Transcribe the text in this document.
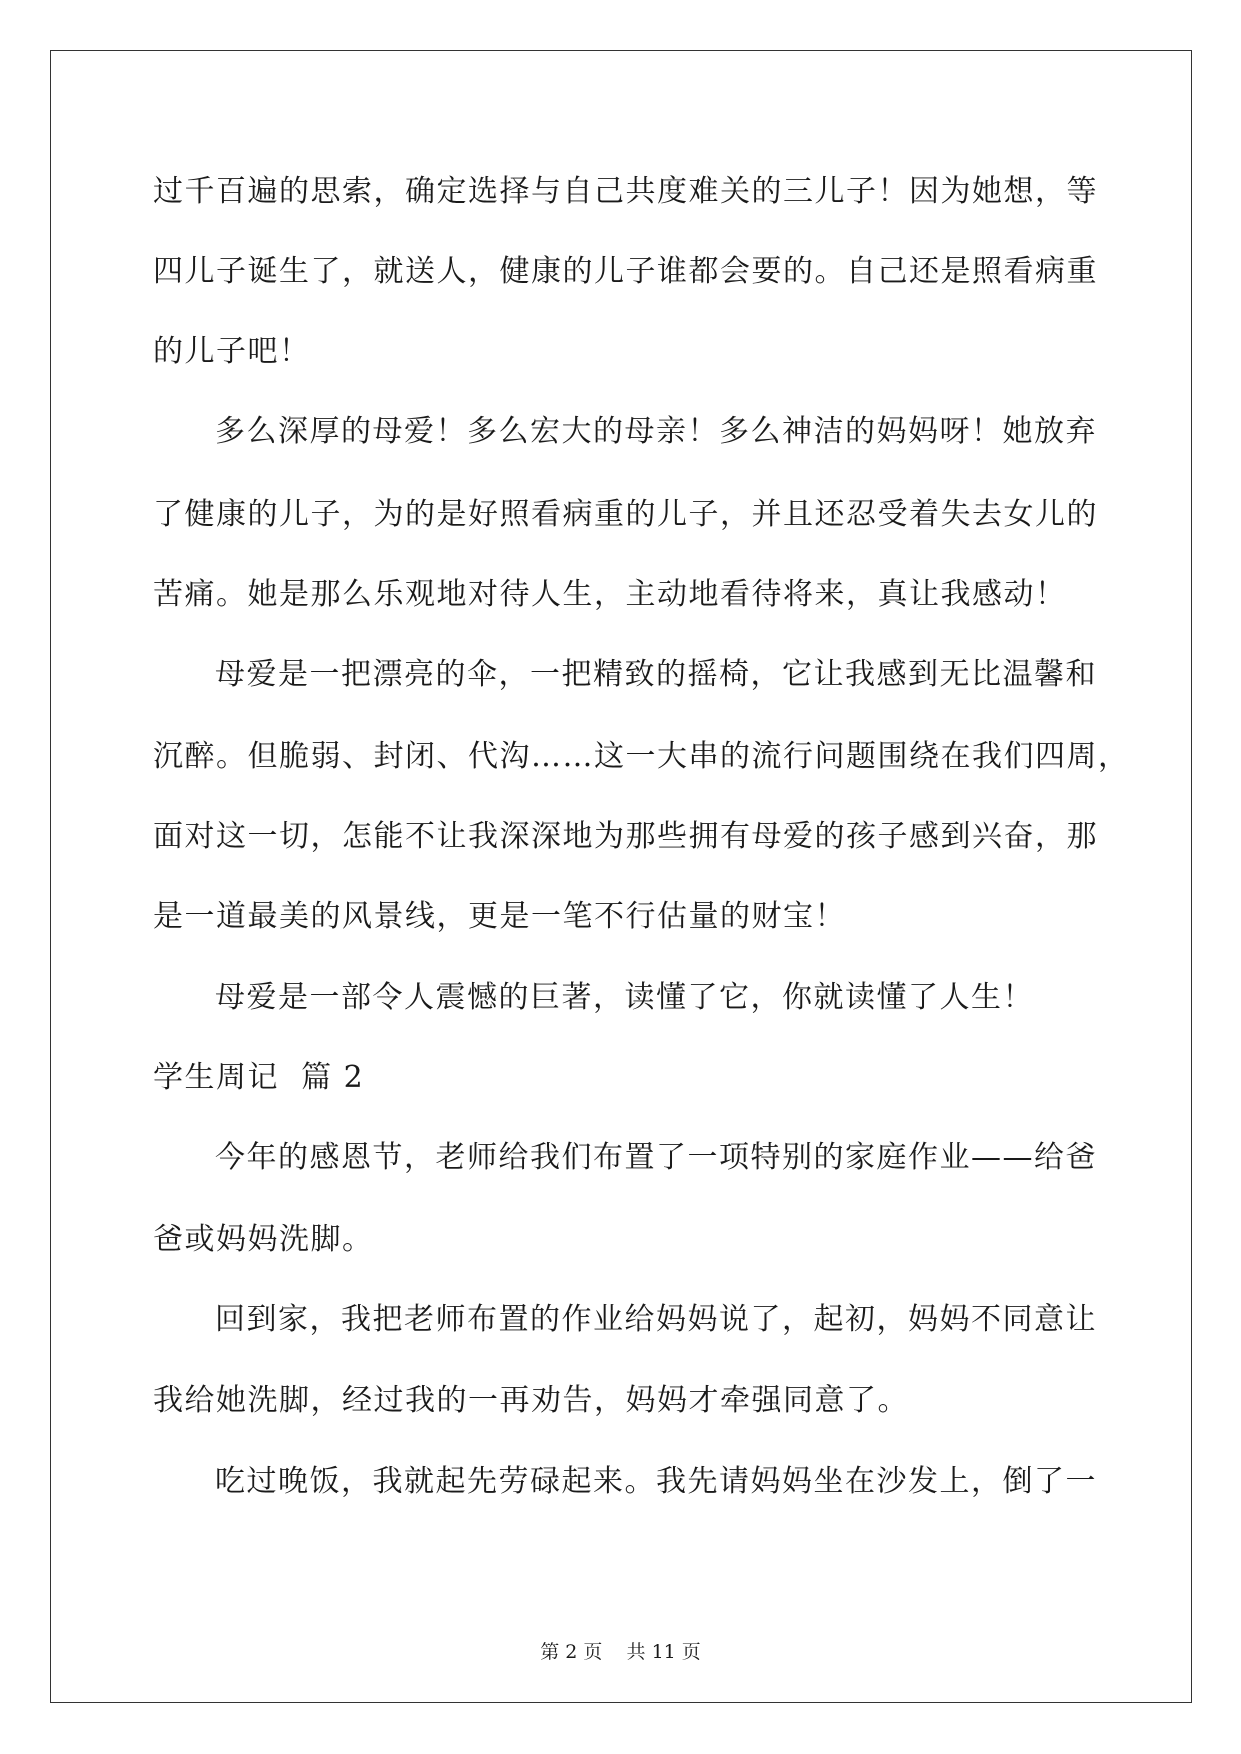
过千百遍的思索，确定选择与自己共度难关的三儿子！因为她想，等
四儿子诞生了，就送人，健康的儿子谁都会要的。自己还是照看病重
的儿子吧！
多么深厚的母爱！多么宏大的母亲！多么神洁的妈妈呀！她放弃
了健康的儿子，为的是好照看病重的儿子，并且还忍受着失去女儿的
苦痛。她是那么乐观地对待人生，主动地看待将来，真让我感动！
母爱是一把漂亮的伞，一把精致的摇椅，它让我感到无比温馨和
沉醉。但脆弱、封闭、代沟……这一大串的流行问题围绕在我们四周，
面对这一切，怎能不让我深深地为那些拥有母爱的孩子感到兴奋，那
是一道最美的风景线，更是一笔不行估量的财宝！
母爱是一部令人震憾的巨著，读懂了它，你就读懂了人生！
学生周记  篇 2
今年的感恩节，老师给我们布置了一项特别的家庭作业——给爸
爸或妈妈洗脚。
回到家，我把老师布置的作业给妈妈说了，起初，妈妈不同意让
我给她洗脚，经过我的一再劝告，妈妈才牵强同意了。
吃过晚饭，我就起先劳碌起来。我先请妈妈坐在沙发上，倒了一
第 2 页    共 11 页
